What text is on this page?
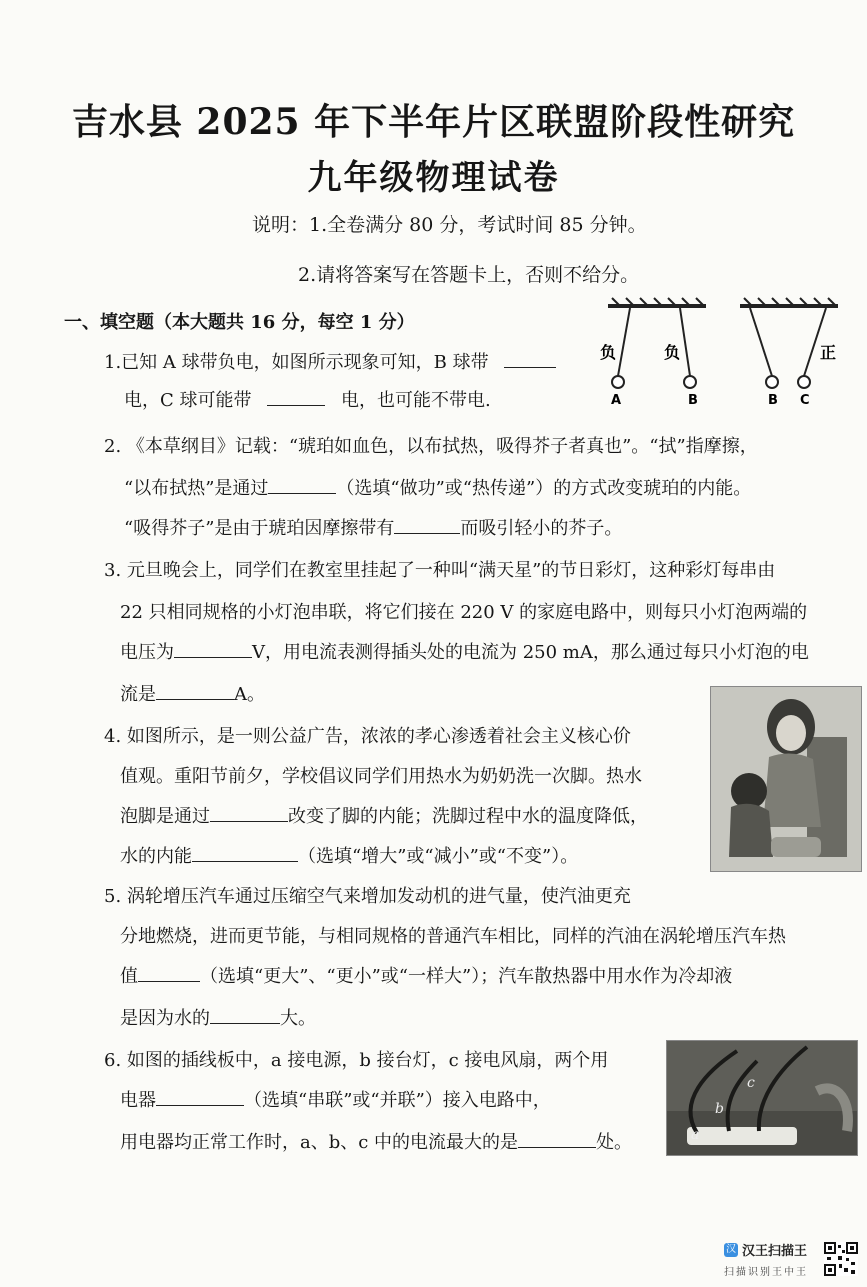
吉水县 2025 年下半年片区联盟阶段性研究
九年级物理试卷
说明：1.全卷满分 80 分，考试时间 85 分钟。
2.请将答案写在答题卡上，否则不给分。
一、填空题（本大题共 16 分，每空 1 分）
1.已知 A 球带负电，如图所示现象可知，B 球带
电，C 球可能带	电，也可能不带电.
负	负
A	B
正
B C
2. 《本草纲目》记载：“琥珀如血色，以布拭热，吸得芥子者真也”。“拭”指摩擦，
“以布拭热”是通过	（选填“做功”或“热传递”）的方式改变琥珀的内能。
“吸得芥子”是由于琥珀因摩擦带有	而吸引轻小的芥子。
3. 元旦晚会上，同学们在教室里挂起了一种叫“满天星”的节日彩灯，这种彩灯每串由
22 只相同规格的小灯泡串联，将它们接在 220 V 的家庭电路中，则每只小灯泡两端的
电压为	V，用电流表测得插头处的电流为 250 mA，那么通过每只小灯泡的电
流是	A。
4. 如图所示，是一则公益广告，浓浓的孝心渗透着社会主义核心价
值观。重阳节前夕，学校倡议同学们用热水为奶奶洗一次脚。热水
泡脚是通过	改变了脚的内能；洗脚过程中水的温度降低，
水的内能	（选填“增大”或“减小”或“不变”）。
5. 涡轮增压汽车通过压缩空气来增加发动机的进气量，使汽油更充
分地燃烧，进而更节能，与相同规格的普通汽车相比，同样的汽油在涡轮增压汽车热
值	（选填“更大”、“更小”或“一样大”）；汽车散热器中用水作为冷却液
是因为水的	大。
6. 如图的插线板中，a 接电源，b 接台灯，c 接电风扇，两个用
电器	（选填“串联”或“并联”）接入电路中，
用电器均正常工作时，a、b、c 中的电流最大的是	处。	a
b
c
汉 汉王扫描王
扫描识别王中王
